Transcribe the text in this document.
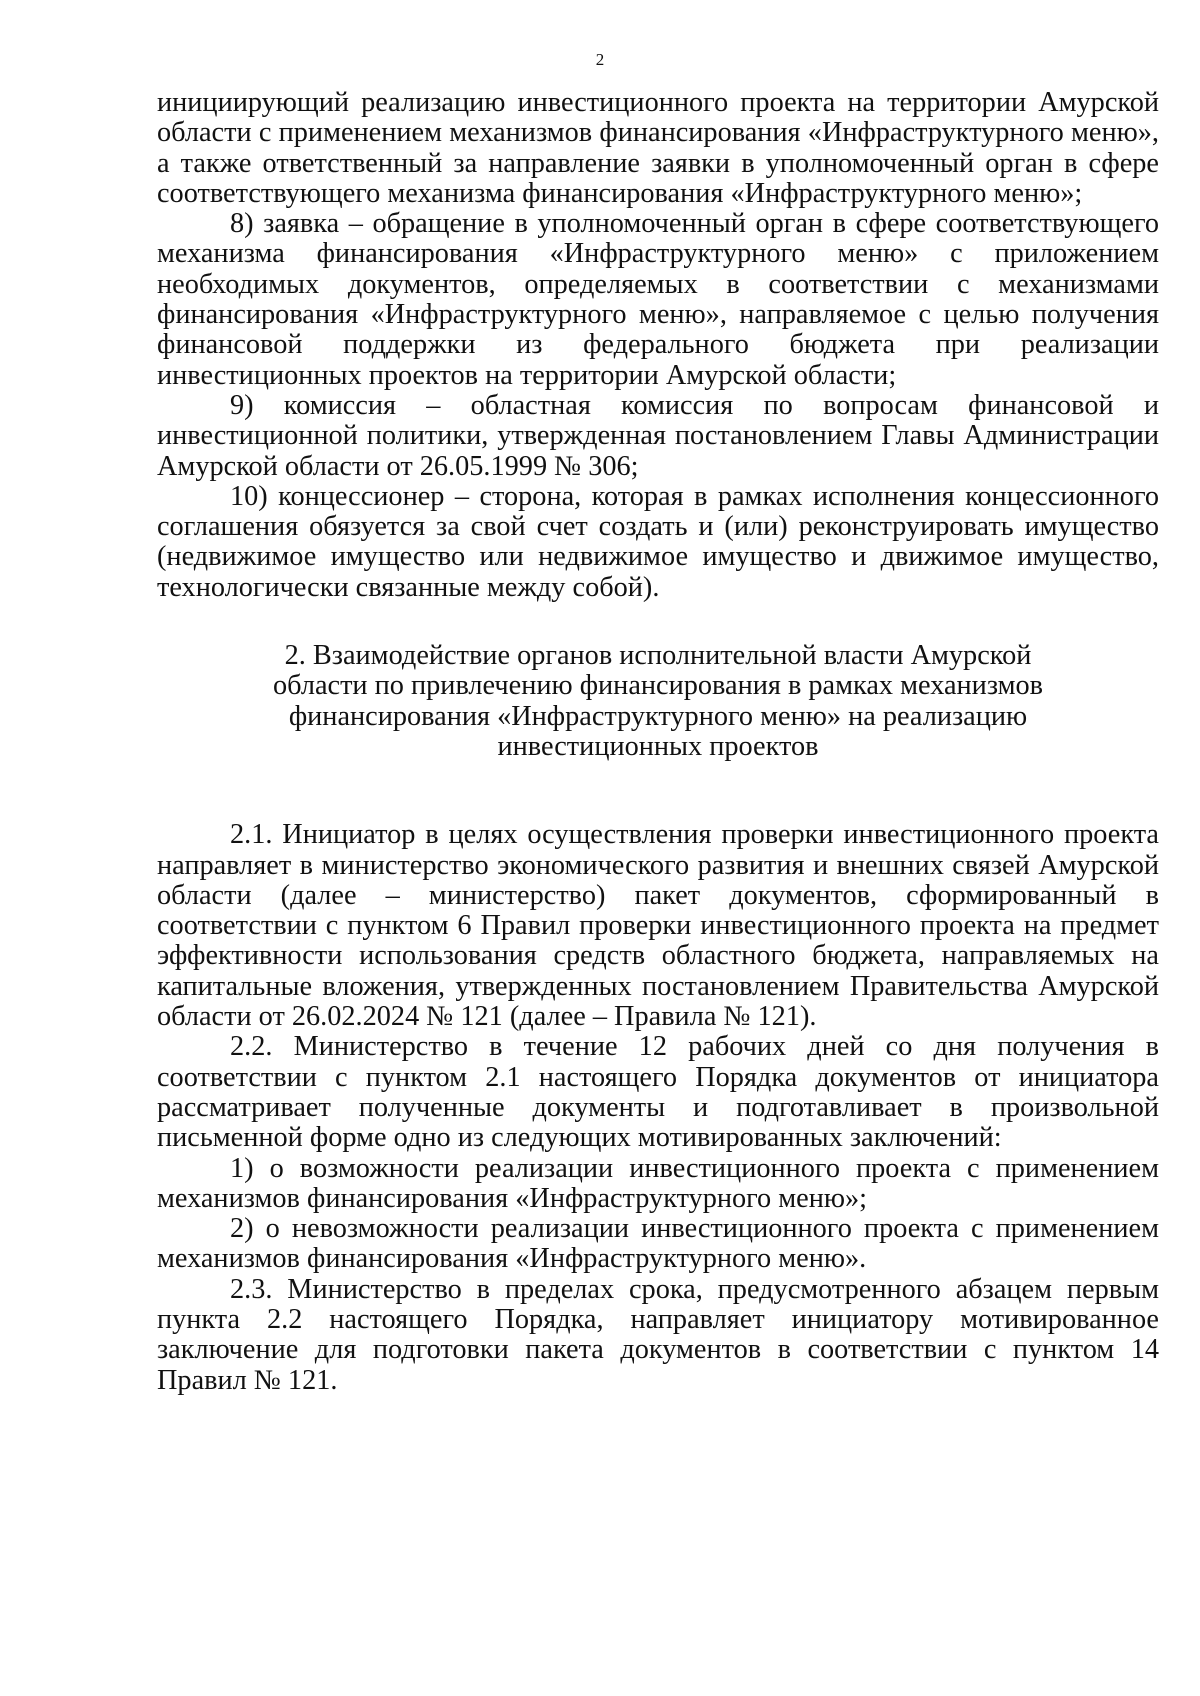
2

инициирующий реализацию инвестиционного проекта на территории Амурской области с применением механизмов финансирования «Инфраструктурного меню», а также ответственный за направление заявки в уполномоченный орган в сфере соответствующего механизма финансирования «Инфраструктурного меню»;

8) заявка – обращение в уполномоченный орган в сфере соответствующего механизма финансирования «Инфраструктурного меню» с приложением необходимых документов, определяемых в соответствии с механизмами финансирования «Инфраструктурного меню», направляемое с целью получения финансовой поддержки из федерального бюджета при реализации инвестиционных проектов на территории Амурской области;

9) комиссия – областная комиссия по вопросам финансовой и инвестиционной политики, утвержденная постановлением Главы Администрации Амурской области от 26.05.1999 № 306;

10) концессионер – сторона, которая в рамках исполнения концессионного соглашения обязуется за свой счет создать и (или) реконструировать имущество (недвижимое имущество или недвижимое имущество и движимое имущество, технологически связанные между собой).

2. Взаимодействие органов исполнительной власти Амурской
области по привлечению финансирования в рамках механизмов
финансирования «Инфраструктурного меню» на реализацию
инвестиционных проектов

2.1. Инициатор в целях осуществления проверки инвестиционного проекта направляет в министерство экономического развития и внешних связей Амурской области (далее – министерство) пакет документов, сформированный в соответствии с пунктом 6 Правил проверки инвестиционного проекта на предмет эффективности использования средств областного бюджета, направляемых на капитальные вложения, утвержденных постановлением Правительства Амурской области от 26.02.2024 № 121 (далее – Правила № 121).

2.2. Министерство в течение 12 рабочих дней со дня получения в соответствии с пунктом 2.1 настоящего Порядка документов от инициатора рассматривает полученные документы и подготавливает в произвольной письменной форме одно из следующих мотивированных заключений:

1) о возможности реализации инвестиционного проекта с применением механизмов финансирования «Инфраструктурного меню»;

2) о невозможности реализации инвестиционного проекта с применением механизмов финансирования «Инфраструктурного меню».

2.3. Министерство в пределах срока, предусмотренного абзацем первым пункта 2.2 настоящего Порядка, направляет инициатору мотивированное заключение для подготовки пакета документов в соответствии с пунктом 14 Правил № 121.
